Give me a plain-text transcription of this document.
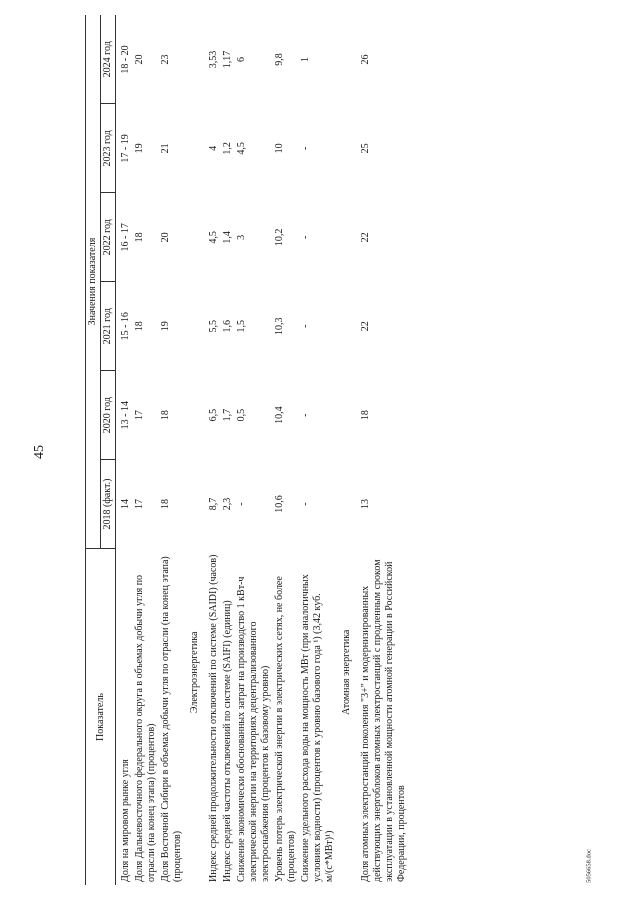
45
5056658.doc
Показатель	Значения показателя					
	2018 (факт.)	2020 год	2021 год	2022 год	2023 год	2024 год
Доля на мировом рынке угля	14	13 - 14	15 - 16	16 - 17	17 - 19	18 - 20
Доля Дальневосточного федерального округа в объемах добычи угля по отрасли (на конец этапа) (процентов)	17	17	18	18	19	20
Доля Восточной Сибири в объемах добычи угля по отрасли (на конец этапа) (процентов)	18	18	19	20	21	23
Электроэнергетика						
Индекс средней продолжительности отключений по системе (SAIDI) (часов)	8,7	6,5	5,5	4,5	4	3,53
Индекс средней частоты отключений по системе (SAIFI) (единиц)	2,3	1,7	1,6	1,4	1,2	1,17
Снижение экономически обоснованных затрат на производство 1 кВт-ч электрической энергии на территориях децентрализованного электроснабжения (процентов к базовому уровню)	-	0,5	1,5	3	4,5	6
Уровень потерь электрической энергии в электрических сетях, не более (процентов)	10,6	10,4	10,3	10,2	10	9,8
Снижение удельного расхода воды на мощность МВт (при аналогичных условиях водности) (процентов к уровню базового года ¹) (3,42 куб. м/(с*МВт)¹)	-	-	-	-	-	1
Атомная энергетика						
Доля атомных электростанций поколения "3+" и модернизированных действующих энергоблоков атомных электростанций с продленным сроком эксплуатации в установленной мощности атомной генерации в Российской Федерации, процентов	13	18	22	22	25	26
